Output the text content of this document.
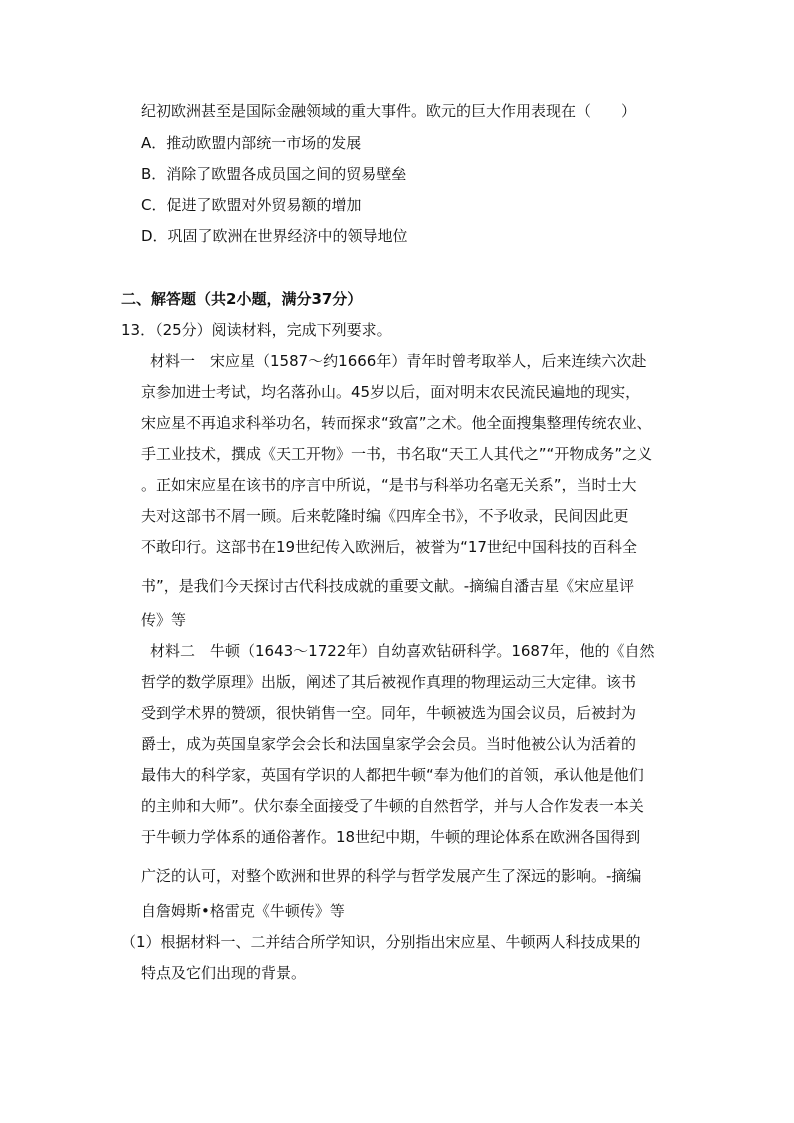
纪初欧洲甚至是国际金融领域的重大事件。欧元的巨大作用表现在（　　）

A．推动欧盟内部统一市场的发展

B．消除了欧盟各成员国之间的贸易壁垒

C．促进了欧盟对外贸易额的增加

D．巩固了欧洲在世界经济中的领导地位

二、解答题（共2小题，满分37分）

13．（25分）阅读材料，完成下列要求。

材料一　宋应星（1587～约1666年）青年时曾考取举人，后来连续六次赴

京参加进士考试，均名落孙山。45岁以后，面对明末农民流民遍地的现实，

宋应星不再追求科举功名，转而探求“致富”之术。他全面搜集整理传统农业、

手工业技术，撰成《天工开物》一书，书名取“天工人其代之”“开物成务”之义

。正如宋应星在该书的序言中所说，“是书与科举功名毫无关系”，当时士大

夫对这部书不屑一顾。后来乾隆时编《四库全书》，不予收录，民间因此更

不敢印行。这部书在19世纪传入欧洲后，被誉为“17世纪中国科技的百科全

书”，是我们今天探讨古代科技成就的重要文献。-摘编自潘吉星《宋应星评

传》等

材料二　牛顿（1643～1722年）自幼喜欢钻研科学。1687年，他的《自然

哲学的数学原理》出版，阐述了其后被视作真理的物理运动三大定律。该书

受到学术界的赞颂，很快销售一空。同年，牛顿被选为国会议员，后被封为

爵士，成为英国皇家学会会长和法国皇家学会会员。当时他被公认为活着的

最伟大的科学家，英国有学识的人都把牛顿“奉为他们的首领，承认他是他们

的主帅和大师”。伏尔泰全面接受了牛顿的自然哲学，并与人合作发表一本关

于牛顿力学体系的通俗著作。18世纪中期，牛顿的理论体系在欧洲各国得到

广泛的认可，对整个欧洲和世界的科学与哲学发展产生了深远的影响。-摘编

自詹姆斯•格雷克《牛顿传》等

（1）根据材料一、二并结合所学知识，分别指出宋应星、牛顿两人科技成果的

特点及它们出现的背景。
